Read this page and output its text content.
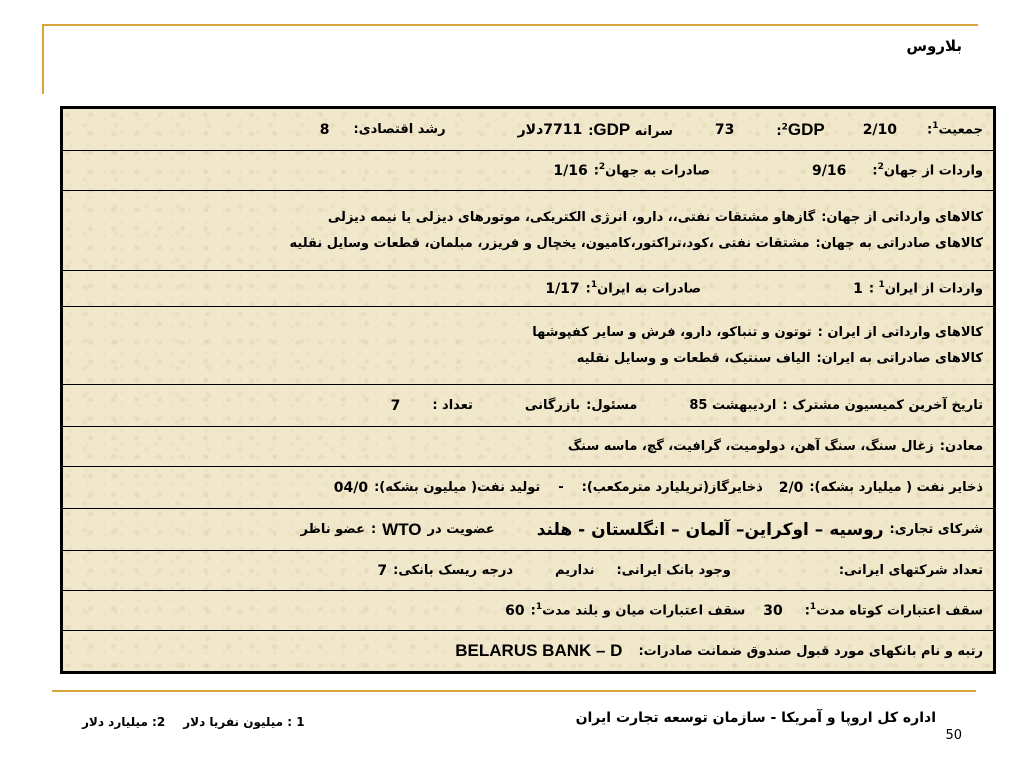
بلاروس
جمعیت$^1$:
2/10
GDP$^2$:
73
سرانه GDP:
7711دلار
رشد اقتصادی:
8
واردات از جهان$^2$:
9/16
صادرات به جهان$^2$:
1/16
کالاهای وارداتی از جهان:
گازهاو مشتقات نفتی،، دارو، انرژی الکتریکی، موتورهای دیزلی یا نیمه دیزلی
کالاهای صادراتی به جهان:
مشتقات نفتی ،کود،تراکتور،کامیون، یخچال و فریزر، مبلمان، قطعات وسایل نقلیه
واردات از ایران$^1$ :
1
صادرات به ایران$^1$:
1/17
کالاهای وارداتی از ایران :
توتون و تنباکو، دارو، فرش و سایر کفپوشها
کالاهای صادراتی به ایران:
الیاف سنتیک، قطعات و وسایل نقلیه
تاریخ آخرین کمیسیون مشترک :
اردیبهشت 85
مسئول:
بازرگانی
تعداد :
7
معادن:
زغال سنگ، سنگ آهن، دولومیت، گرافیت، گچ، ماسه سنگ
ذخایر نفت ( میلیارد بشکه):
2/0
ذخایرگاز(تریلیارد مترمکعب):
-
تولید نفت( میلیون بشکه):
04/0
شرکای تجاری:
روسیه – اوکراین– آلمان – انگلستان - هلند
عضویت در
WTO
:
عضو ناظر
تعداد شرکتهای ایرانی:
وجود بانک ایرانی:
نداریم
درجه ریسک بانکی:
7
سقف اعتبارات کوتاه مدت$^1$:
30
سقف اعتبارات میان و بلند مدت$^1$:
60
رتبه و نام بانکهای مورد قبول صندوق ضمانت صادرات:
BELARUS BANK – D
اداره کل اروپا و آمریکا - سازمان توسعه تجارت ایران
50
1 : میلیون نفریا دلار
2: میلیارد دلار
